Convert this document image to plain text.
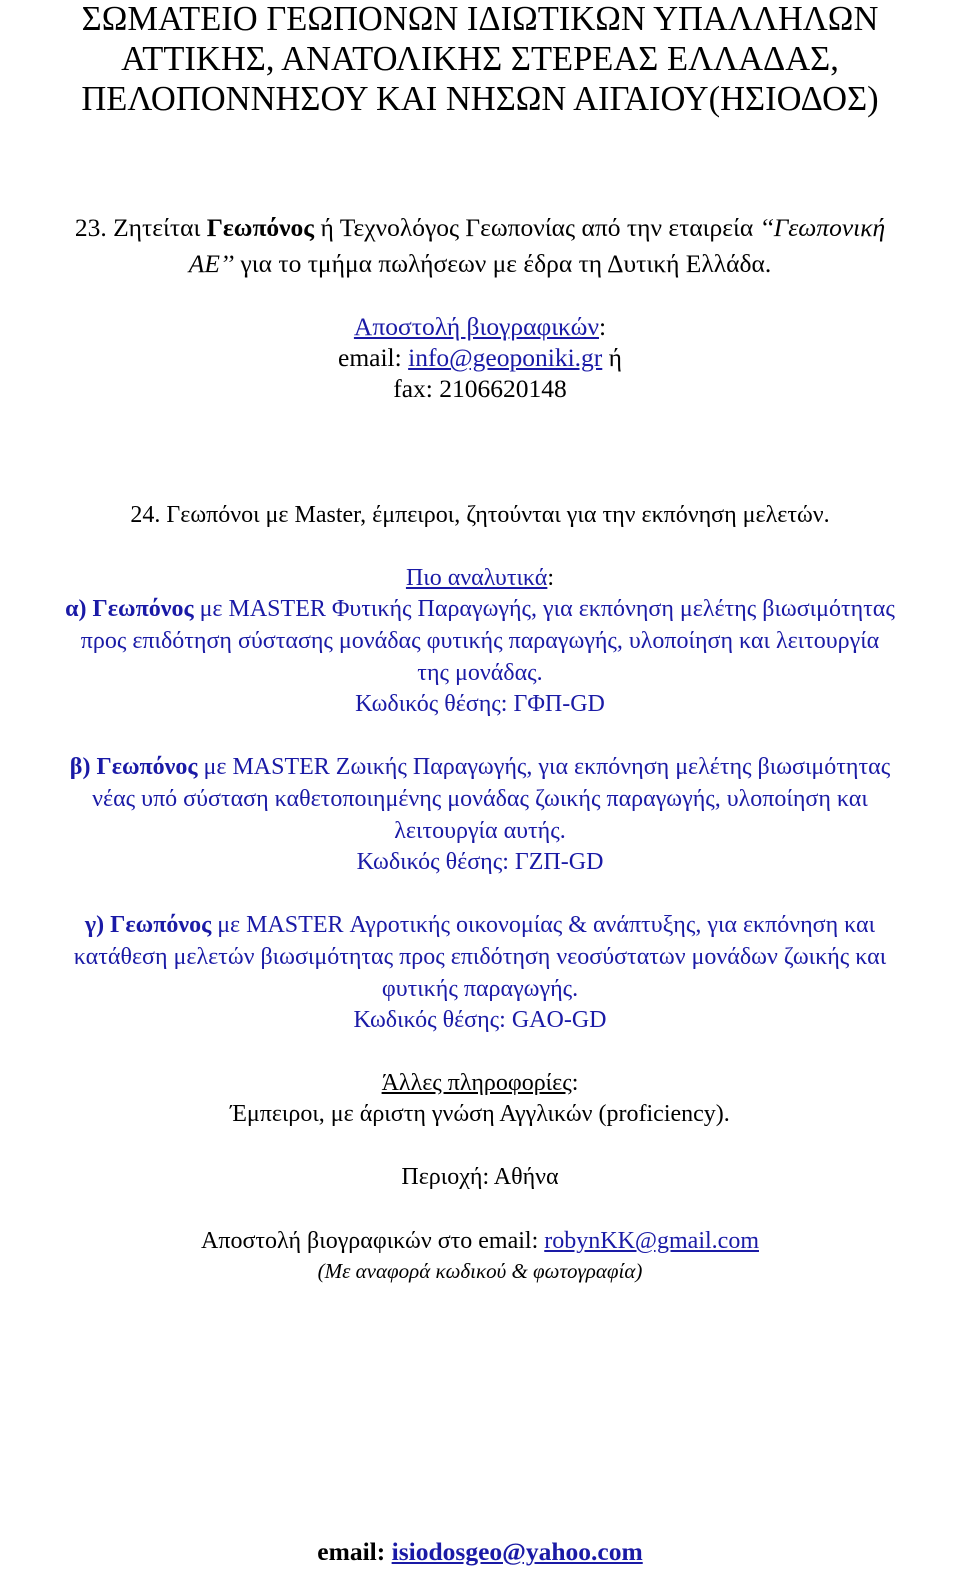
ΣΩΜΑΤΕΙΟ ΓΕΩΠΟΝΩΝ ΙΔΙΩΤΙΚΩΝ ΥΠΑΛΛΗΛΩΝ
ΑΤΤΙΚΗΣ, ΑΝΑΤΟΛΙΚΗΣ ΣΤΕΡΕΑΣ ΕΛΛΑΔΑΣ,
ΠΕΛΟΠΟΝΝΗΣΟΥ ΚΑΙ ΝΗΣΩΝ ΑΙΓΑΙΟΥ(ΗΣΙΟΔΟΣ)
23. Ζητείται Γεωπόνος ή Τεχνολόγος Γεωπονίας από την εταιρεία ‘‘Γεωπονική
ΑΕ’’ για το τμήμα πωλήσεων με έδρα τη Δυτική Ελλάδα.
Αποστολή βιογραφικών:
email: info@geoponiki.gr ή
fax: 2106620148
24. Γεωπόνοι με Master, έμπειροι, ζητούνται για την εκπόνηση μελετών.
Πιο αναλυτικά:
α) Γεωπόνος με MASTER Φυτικής Παραγωγής, για εκπόνηση μελέτης βιωσιμότητας
προς επιδότηση σύστασης μονάδας φυτικής παραγωγής, υλοποίηση και λειτουργία
της μονάδας.
Κωδικός θέσης: ΓΦΠ-GD
β) Γεωπόνος με MASTER Ζωικής Παραγωγής, για εκπόνηση μελέτης βιωσιμότητας
νέας υπό σύσταση καθετοποιημένης μονάδας ζωικής παραγωγής, υλοποίηση και
λειτουργία αυτής.
Κωδικός θέσης: ΓΖΠ-GD
γ) Γεωπόνος με MASTER Αγροτικής οικονομίας & ανάπτυξης, για εκπόνηση και
κατάθεση μελετών βιωσιμότητας προς επιδότηση νεοσύστατων μονάδων ζωικής και
φυτικής παραγωγής.
Κωδικός θέσης: GAO-GD
Άλλες πληροφορίες:
Έμπειροι, με άριστη γνώση Αγγλικών (proficiency).
Περιοχή: Αθήνα
Αποστολή βιογραφικών στο email: robynKK@gmail.com
(Με αναφορά κωδικού & φωτογραφία)
email: isiodosgeo@yahoo.com
